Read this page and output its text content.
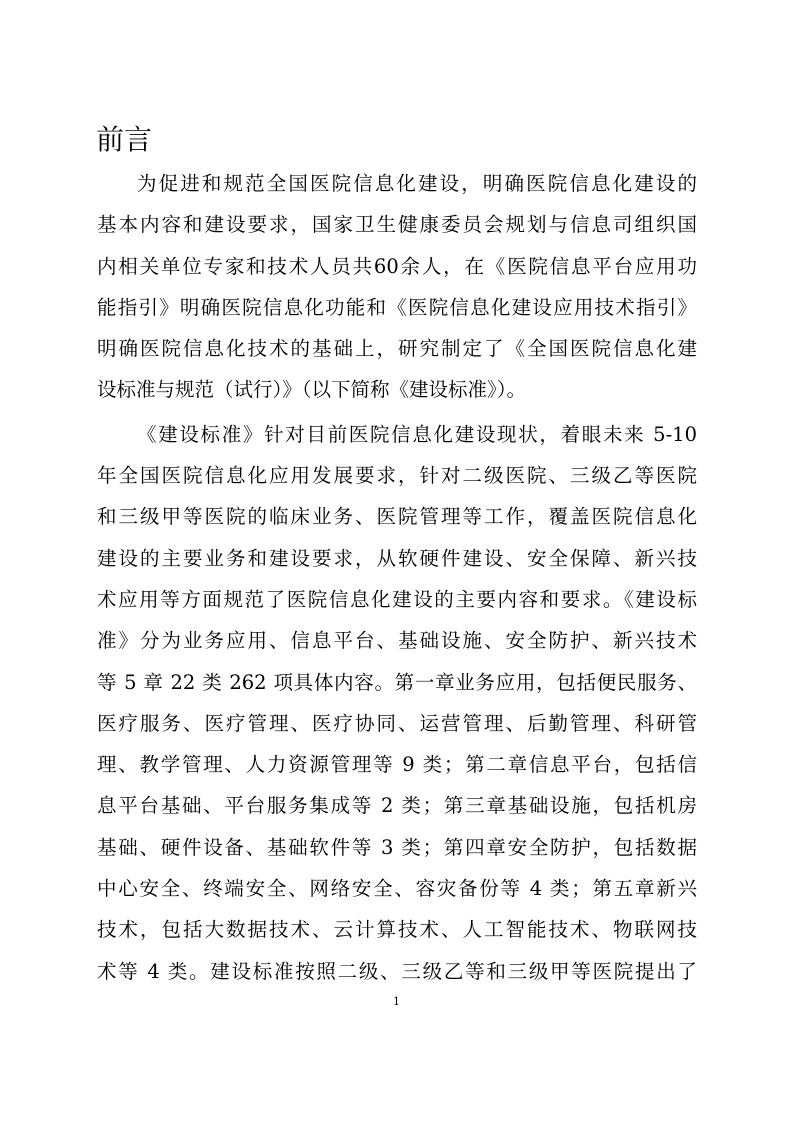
前言
为促进和规范全国医院信息化建设，明确医院信息化建设的
基本内容和建设要求，国家卫生健康委员会规划与信息司组织国
内相关单位专家和技术人员共60余人，在《医院信息平台应用功
能指引》明确医院信息化功能和《医院信息化建设应用技术指引》
明确医院信息化技术的基础上，研究制定了《全国医院信息化建
设标准与规范（试行）》（以下简称《建设标准》）。
《建设标准》针对目前医院信息化建设现状，着眼未来 5-10
年全国医院信息化应用发展要求，针对二级医院、三级乙等医院
和三级甲等医院的临床业务、医院管理等工作，覆盖医院信息化
建设的主要业务和建设要求，从软硬件建设、安全保障、新兴技
术应用等方面规范了医院信息化建设的主要内容和要求。《建设标
准》分为业务应用、信息平台、基础设施、安全防护、新兴技术
等 5 章 22 类 262 项具体内容。第一章业务应用，包括便民服务、
医疗服务、医疗管理、医疗协同、运营管理、后勤管理、科研管
理、教学管理、人力资源管理等 9 类；第二章信息平台，包括信
息平台基础、平台服务集成等 2 类；第三章基础设施，包括机房
基础、硬件设备、基础软件等 3 类；第四章安全防护，包括数据
中心安全、终端安全、网络安全、容灾备份等 4 类；第五章新兴
技术，包括大数据技术、云计算技术、人工智能技术、物联网技
术等 4 类。建设标准按照二级、三级乙等和三级甲等医院提出了
1
